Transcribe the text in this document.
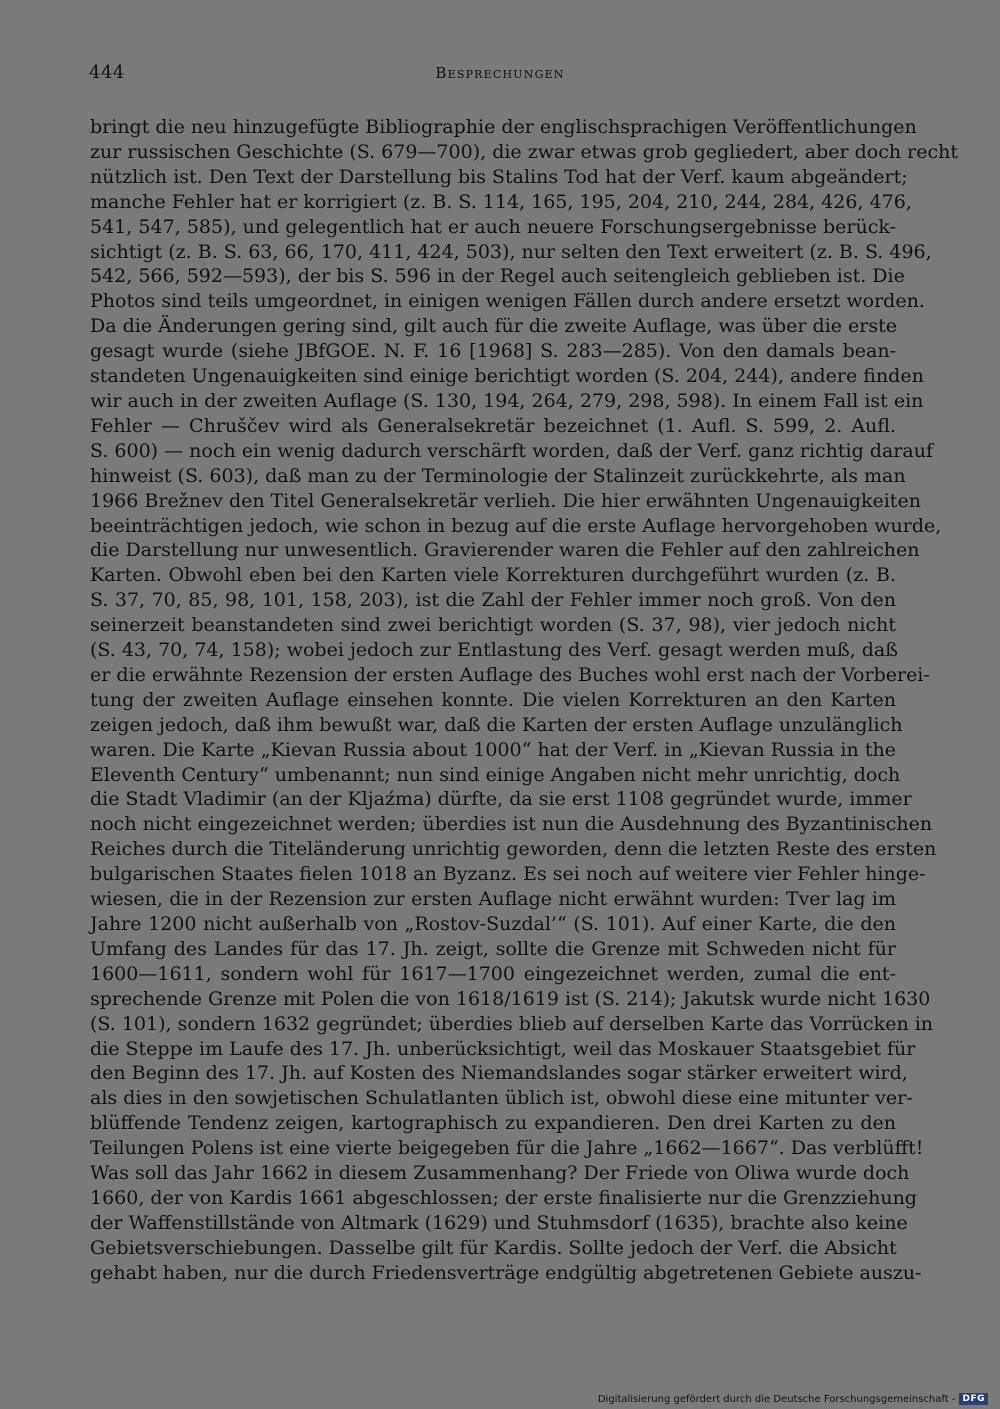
444	Besprechungen
bringt die neu hinzugefügte Bibliographie der englischsprachigen Veröffentlichungen
zur russischen Geschichte (S. 679—700), die zwar etwas grob gegliedert, aber doch recht
nützlich ist. Den Text der Darstellung bis Stalins Tod hat der Verf. kaum abgeändert;
manche Fehler hat er korrigiert (z. B. S. 114, 165, 195, 204, 210, 244, 284, 426, 476,
541, 547, 585), und gelegentlich hat er auch neuere Forschungsergebnisse berück-
sichtigt (z. B. S. 63, 66, 170, 411, 424, 503), nur selten den Text erweitert (z. B. S. 496,
542, 566, 592—593), der bis S. 596 in der Regel auch seitengleich geblieben ist. Die
Photos sind teils umgeordnet, in einigen wenigen Fällen durch andere ersetzt worden.
Da die Änderungen gering sind, gilt auch für die zweite Auflage, was über die erste
gesagt wurde (siehe JBfGOE. N. F. 16 [1968] S. 283—285). Von den damals bean-
standeten Ungenauigkeiten sind einige berichtigt worden (S. 204, 244), andere finden
wir auch in der zweiten Auflage (S. 130, 194, 264, 279, 298, 598). In einem Fall ist ein
Fehler — Chruščev wird als Generalsekretär bezeichnet (1. Aufl. S. 599, 2. Aufl.
S. 600) — noch ein wenig dadurch verschärft worden, daß der Verf. ganz richtig darauf
hinweist (S. 603), daß man zu der Terminologie der Stalinzeit zurückkehrte, als man
1966 Brežnev den Titel Generalsekretär verlieh. Die hier erwähnten Ungenauigkeiten
beeinträchtigen jedoch, wie schon in bezug auf die erste Auflage hervorgehoben wurde,
die Darstellung nur unwesentlich. Gravierender waren die Fehler auf den zahlreichen
Karten. Obwohl eben bei den Karten viele Korrekturen durchgeführt wurden (z. B.
S. 37, 70, 85, 98, 101, 158, 203), ist die Zahl der Fehler immer noch groß. Von den
seinerzeit beanstandeten sind zwei berichtigt worden (S. 37, 98), vier jedoch nicht
(S. 43, 70, 74, 158); wobei jedoch zur Entlastung des Verf. gesagt werden muß, daß
er die erwähnte Rezension der ersten Auflage des Buches wohl erst nach der Vorberei-
tung der zweiten Auflage einsehen konnte. Die vielen Korrekturen an den Karten
zeigen jedoch, daß ihm bewußt war, daß die Karten der ersten Auflage unzulänglich
waren. Die Karte „Kievan Russia about 1000“ hat der Verf. in „Kievan Russia in the
Eleventh Century“ umbenannt; nun sind einige Angaben nicht mehr unrichtig, doch
die Stadt Vladimir (an der Kljaźma) dürfte, da sie erst 1108 gegründet wurde, immer
noch nicht eingezeichnet werden; überdies ist nun die Ausdehnung des Byzantinischen
Reiches durch die Titeländerung unrichtig geworden, denn die letzten Reste des ersten
bulgarischen Staates fielen 1018 an Byzanz. Es sei noch auf weitere vier Fehler hinge-
wiesen, die in der Rezension zur ersten Auflage nicht erwähnt wurden: Tver lag im
Jahre 1200 nicht außerhalb von „Rostov-Suzdal’“ (S. 101). Auf einer Karte, die den
Umfang des Landes für das 17. Jh. zeigt, sollte die Grenze mit Schweden nicht für
1600—1611, sondern wohl für 1617—1700 eingezeichnet werden, zumal die ent-
sprechende Grenze mit Polen die von 1618/1619 ist (S. 214); Jakutsk wurde nicht 1630
(S. 101), sondern 1632 gegründet; überdies blieb auf derselben Karte das Vorrücken in
die Steppe im Laufe des 17. Jh. unberücksichtigt, weil das Moskauer Staatsgebiet für
den Beginn des 17. Jh. auf Kosten des Niemandslandes sogar stärker erweitert wird,
als dies in den sowjetischen Schulatlanten üblich ist, obwohl diese eine mitunter ver-
blüffende Tendenz zeigen, kartographisch zu expandieren. Den drei Karten zu den
Teilungen Polens ist eine vierte beigegeben für die Jahre „1662—1667“. Das verblüfft!
Was soll das Jahr 1662 in diesem Zusammenhang? Der Friede von Oliwa wurde doch
1660, der von Kardis 1661 abgeschlossen; der erste finalisierte nur die Grenzziehung
der Waffenstillstände von Altmark (1629) und Stuhmsdorf (1635), brachte also keine
Gebietsverschiebungen. Dasselbe gilt für Kardis. Sollte jedoch der Verf. die Absicht
gehabt haben, nur die durch Friedensverträge endgültig abgetretenen Gebiete auszu-
Digitalisierung gefördert durch die Deutsche Forschungsgemeinschaft - DFG
